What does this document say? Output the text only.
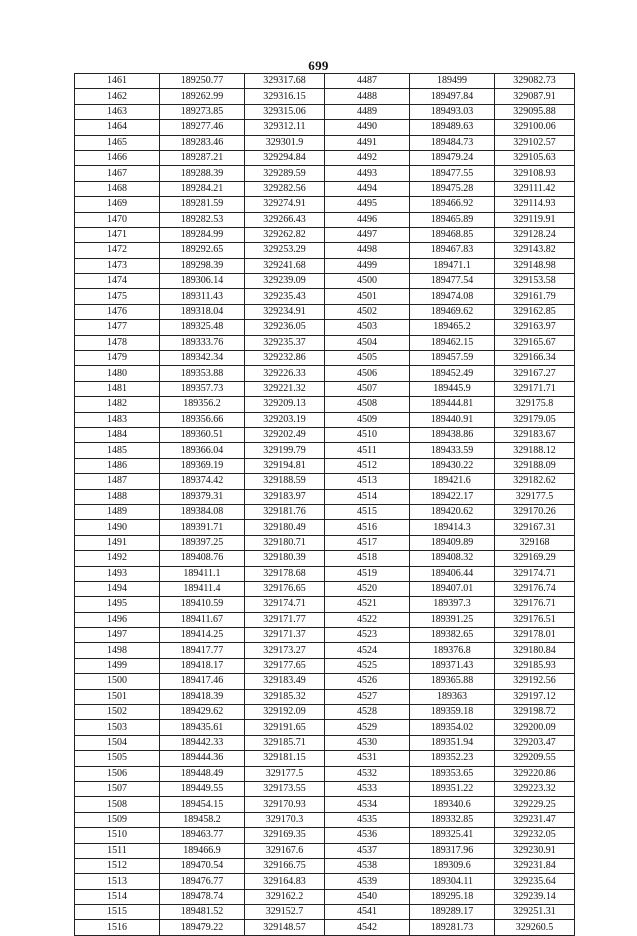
699
1461	189250.77	329317.68	4487	189499	329082.73
1462	189262.99	329316.15	4488	189497.84	329087.91
1463	189273.85	329315.06	4489	189493.03	329095.88
1464	189277.46	329312.11	4490	189489.63	329100.06
1465	189283.46	329301.9	4491	189484.73	329102.57
1466	189287.21	329294.84	4492	189479.24	329105.63
1467	189288.39	329289.59	4493	189477.55	329108.93
1468	189284.21	329282.56	4494	189475.28	329111.42
1469	189281.59	329274.91	4495	189466.92	329114.93
1470	189282.53	329266.43	4496	189465.89	329119.91
1471	189284.99	329262.82	4497	189468.85	329128.24
1472	189292.65	329253.29	4498	189467.83	329143.82
1473	189298.39	329241.68	4499	189471.1	329148.98
1474	189306.14	329239.09	4500	189477.54	329153.58
1475	189311.43	329235.43	4501	189474.08	329161.79
1476	189318.04	329234.91	4502	189469.62	329162.85
1477	189325.48	329236.05	4503	189465.2	329163.97
1478	189333.76	329235.37	4504	189462.15	329165.67
1479	189342.34	329232.86	4505	189457.59	329166.34
1480	189353.88	329226.33	4506	189452.49	329167.27
1481	189357.73	329221.32	4507	189445.9	329171.71
1482	189356.2	329209.13	4508	189444.81	329175.8
1483	189356.66	329203.19	4509	189440.91	329179.05
1484	189360.51	329202.49	4510	189438.86	329183.67
1485	189366.04	329199.79	4511	189433.59	329188.12
1486	189369.19	329194.81	4512	189430.22	329188.09
1487	189374.42	329188.59	4513	189421.6	329182.62
1488	189379.31	329183.97	4514	189422.17	329177.5
1489	189384.08	329181.76	4515	189420.62	329170.26
1490	189391.71	329180.49	4516	189414.3	329167.31
1491	189397.25	329180.71	4517	189409.89	329168
1492	189408.76	329180.39	4518	189408.32	329169.29
1493	189411.1	329178.68	4519	189406.44	329174.71
1494	189411.4	329176.65	4520	189407.01	329176.74
1495	189410.59	329174.71	4521	189397.3	329176.71
1496	189411.67	329171.77	4522	189391.25	329176.51
1497	189414.25	329171.37	4523	189382.65	329178.01
1498	189417.77	329173.27	4524	189376.8	329180.84
1499	189418.17	329177.65	4525	189371.43	329185.93
1500	189417.46	329183.49	4526	189365.88	329192.56
1501	189418.39	329185.32	4527	189363	329197.12
1502	189429.62	329192.09	4528	189359.18	329198.72
1503	189435.61	329191.65	4529	189354.02	329200.09
1504	189442.33	329185.71	4530	189351.94	329203.47
1505	189444.36	329181.15	4531	189352.23	329209.55
1506	189448.49	329177.5	4532	189353.65	329220.86
1507	189449.55	329173.55	4533	189351.22	329223.32
1508	189454.15	329170.93	4534	189340.6	329229.25
1509	189458.2	329170.3	4535	189332.85	329231.47
1510	189463.77	329169.35	4536	189325.41	329232.05
1511	189466.9	329167.6	4537	189317.96	329230.91
1512	189470.54	329166.75	4538	189309.6	329231.84
1513	189476.77	329164.83	4539	189304.11	329235.64
1514	189478.74	329162.2	4540	189295.18	329239.14
1515	189481.52	329152.7	4541	189289.17	329251.31
1516	189479.22	329148.57	4542	189281.73	329260.5
